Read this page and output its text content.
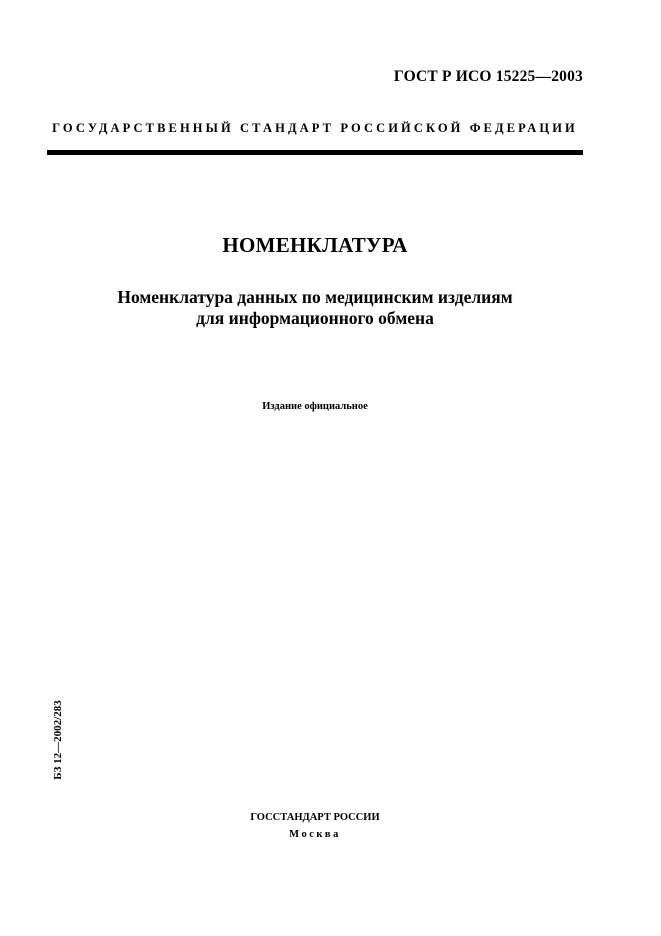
ГОСТ Р ИСО 15225—2003
ГОСУДАРСТВЕННЫЙ СТАНДАРТ РОССИЙСКОЙ ФЕДЕРАЦИИ
НОМЕНКЛАТУРА
Номенклатура данных по медицинским изделиям
для информационного обмена
Издание официальное
БЗ 12—2002/283
ГОССТАНДАРТ РОССИИ
Москва
